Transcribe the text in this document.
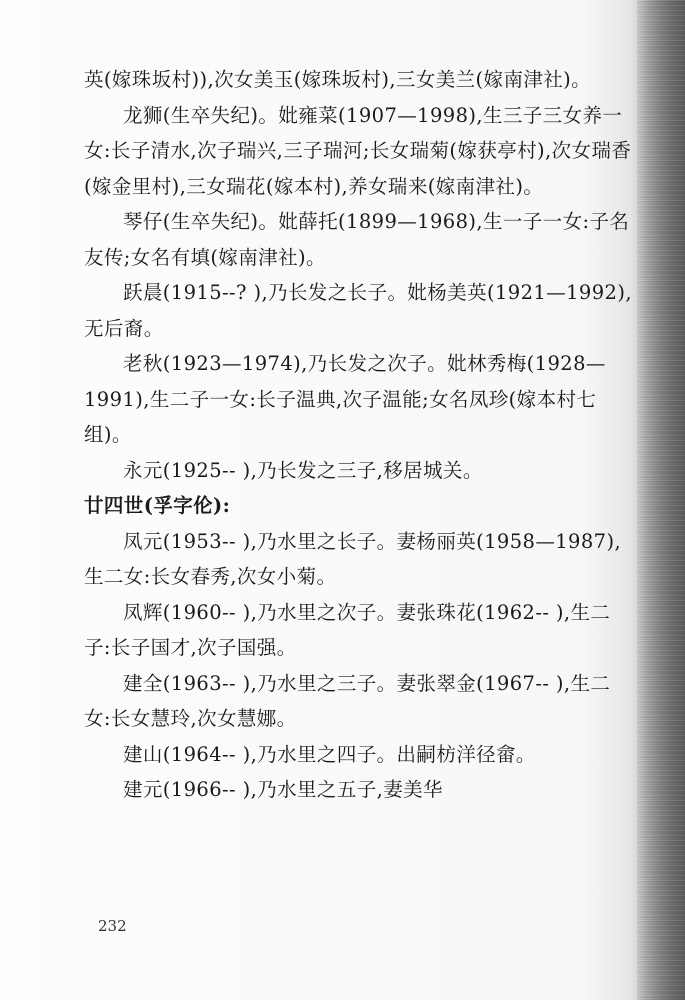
英(嫁珠坂村)),次女美玉(嫁珠坂村),三女美兰(嫁南津社)。

龙狮(生卒失纪)。妣雍菜(1907—1998),生三子三女养一女:长子清水,次子瑞兴,三子瑞河;长女瑞菊(嫁获亭村),次女瑞香(嫁金里村),三女瑞花(嫁本村),养女瑞来(嫁南津社)。

琴仔(生卒失纪)。妣薛托(1899—1968),生一子一女:子名友传;女名有填(嫁南津社)。

跃晨(1915--? ),乃长发之长子。妣杨美英(1921—1992),无后裔。

老秋(1923—1974),乃长发之次子。妣林秀梅(1928—1991),生二子一女:长子温典,次子温能;女名凤珍(嫁本村七组)。

永元(1925-- ),乃长发之三子,移居城关。

廿四世(孚字伦):

凤元(1953-- ),乃水里之长子。妻杨丽英(1958—1987),生二女:长女春秀,次女小菊。

凤辉(1960-- ),乃水里之次子。妻张珠花(1962-- ),生二子:长子国才,次子国强。

建全(1963-- ),乃水里之三子。妻张翠金(1967-- ),生二女:长女慧玲,次女慧娜。

建山(1964-- ),乃水里之四子。出嗣枋洋径畲。

建元(1966-- ),乃水里之五子,妻美华

232
